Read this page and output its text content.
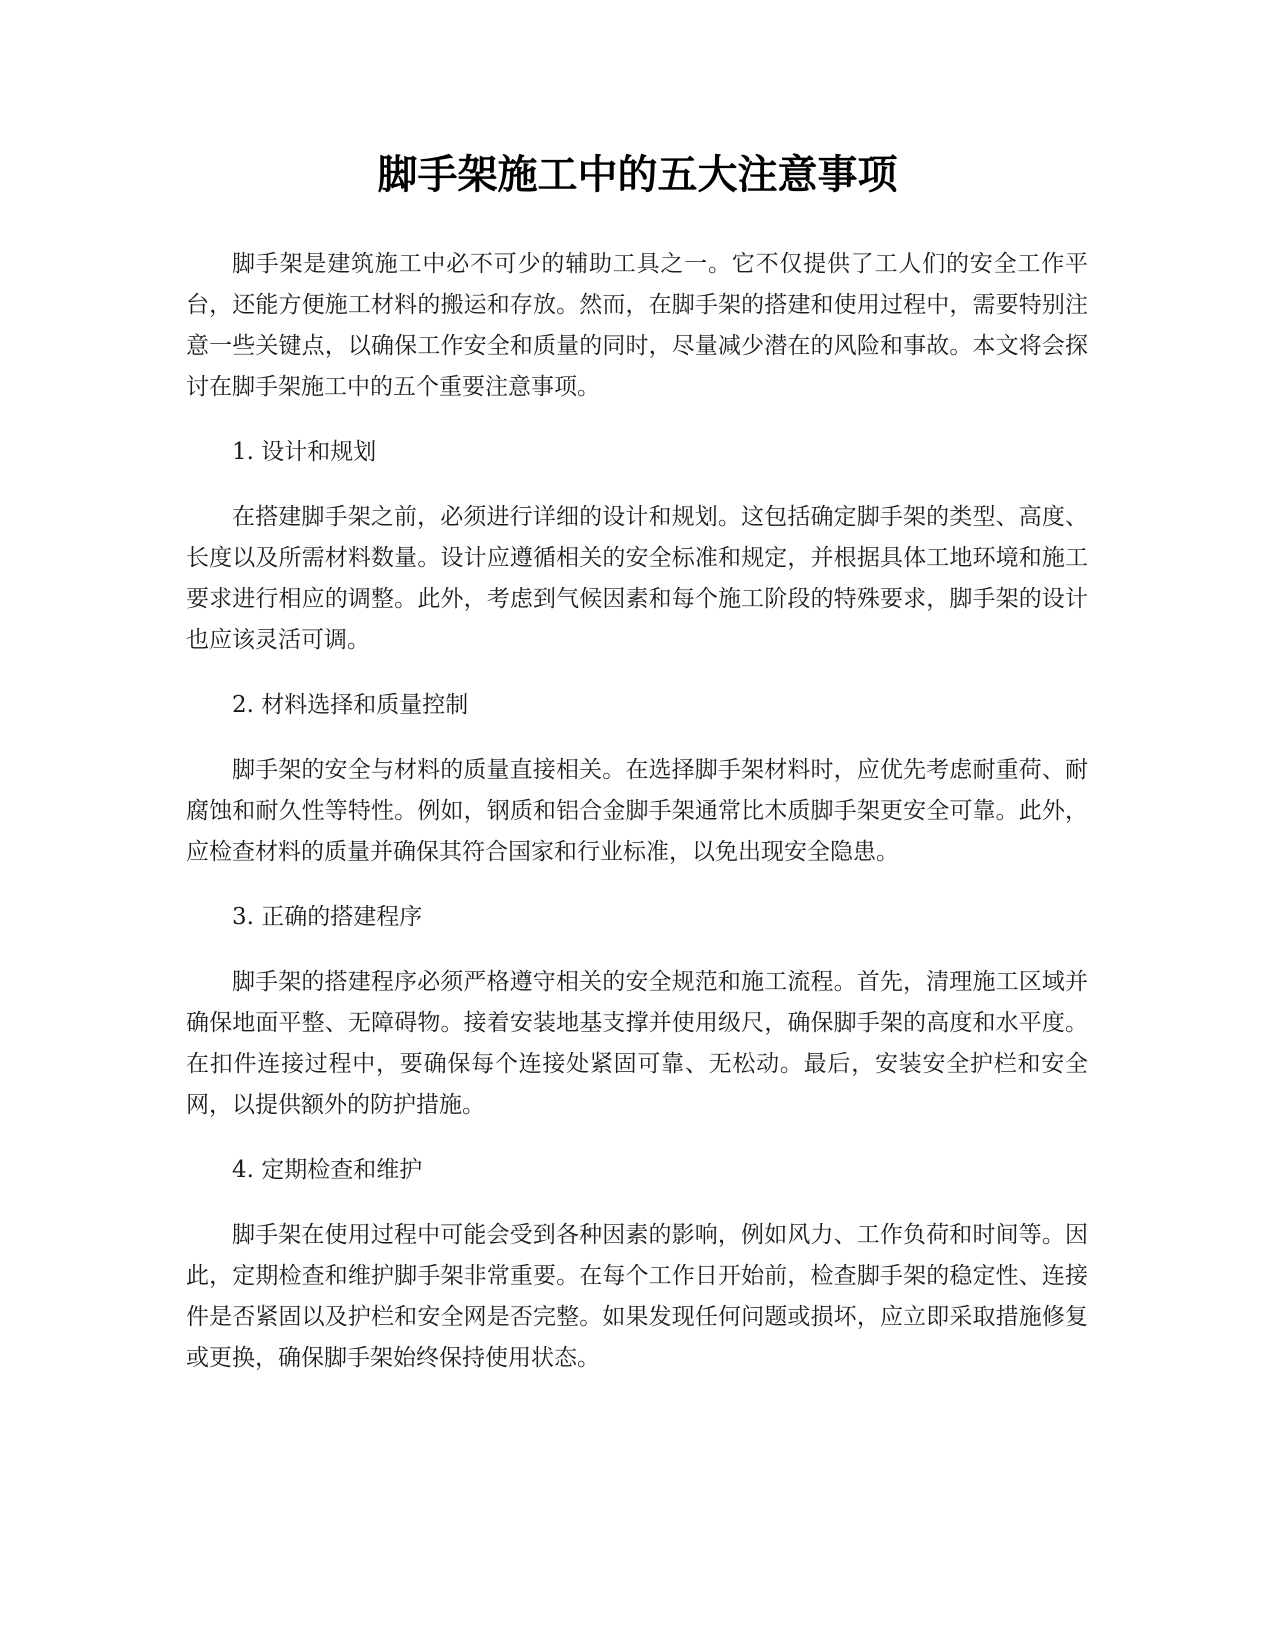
脚手架施工中的五大注意事项

脚手架是建筑施工中必不可少的辅助工具之一。它不仅提供了工人们的安全工作平台，还能方便施工材料的搬运和存放。然而，在脚手架的搭建和使用过程中，需要特别注意一些关键点，以确保工作安全和质量的同时，尽量减少潜在的风险和事故。本文将会探讨在脚手架施工中的五个重要注意事项。

1. 设计和规划

在搭建脚手架之前，必须进行详细的设计和规划。这包括确定脚手架的类型、高度、长度以及所需材料数量。设计应遵循相关的安全标准和规定，并根据具体工地环境和施工要求进行相应的调整。此外，考虑到气候因素和每个施工阶段的特殊要求，脚手架的设计也应该灵活可调。

2. 材料选择和质量控制

脚手架的安全与材料的质量直接相关。在选择脚手架材料时，应优先考虑耐重荷、耐腐蚀和耐久性等特性。例如，钢质和铝合金脚手架通常比木质脚手架更安全可靠。此外，应检查材料的质量并确保其符合国家和行业标准，以免出现安全隐患。

3. 正确的搭建程序

脚手架的搭建程序必须严格遵守相关的安全规范和施工流程。首先，清理施工区域并确保地面平整、无障碍物。接着安装地基支撑并使用级尺，确保脚手架的高度和水平度。在扣件连接过程中，要确保每个连接处紧固可靠、无松动。最后，安装安全护栏和安全网，以提供额外的防护措施。

4. 定期检查和维护

脚手架在使用过程中可能会受到各种因素的影响，例如风力、工作负荷和时间等。因此，定期检查和维护脚手架非常重要。在每个工作日开始前，检查脚手架的稳定性、连接件是否紧固以及护栏和安全网是否完整。如果发现任何问题或损坏，应立即采取措施修复或更换，确保脚手架始终保持使用状态。
